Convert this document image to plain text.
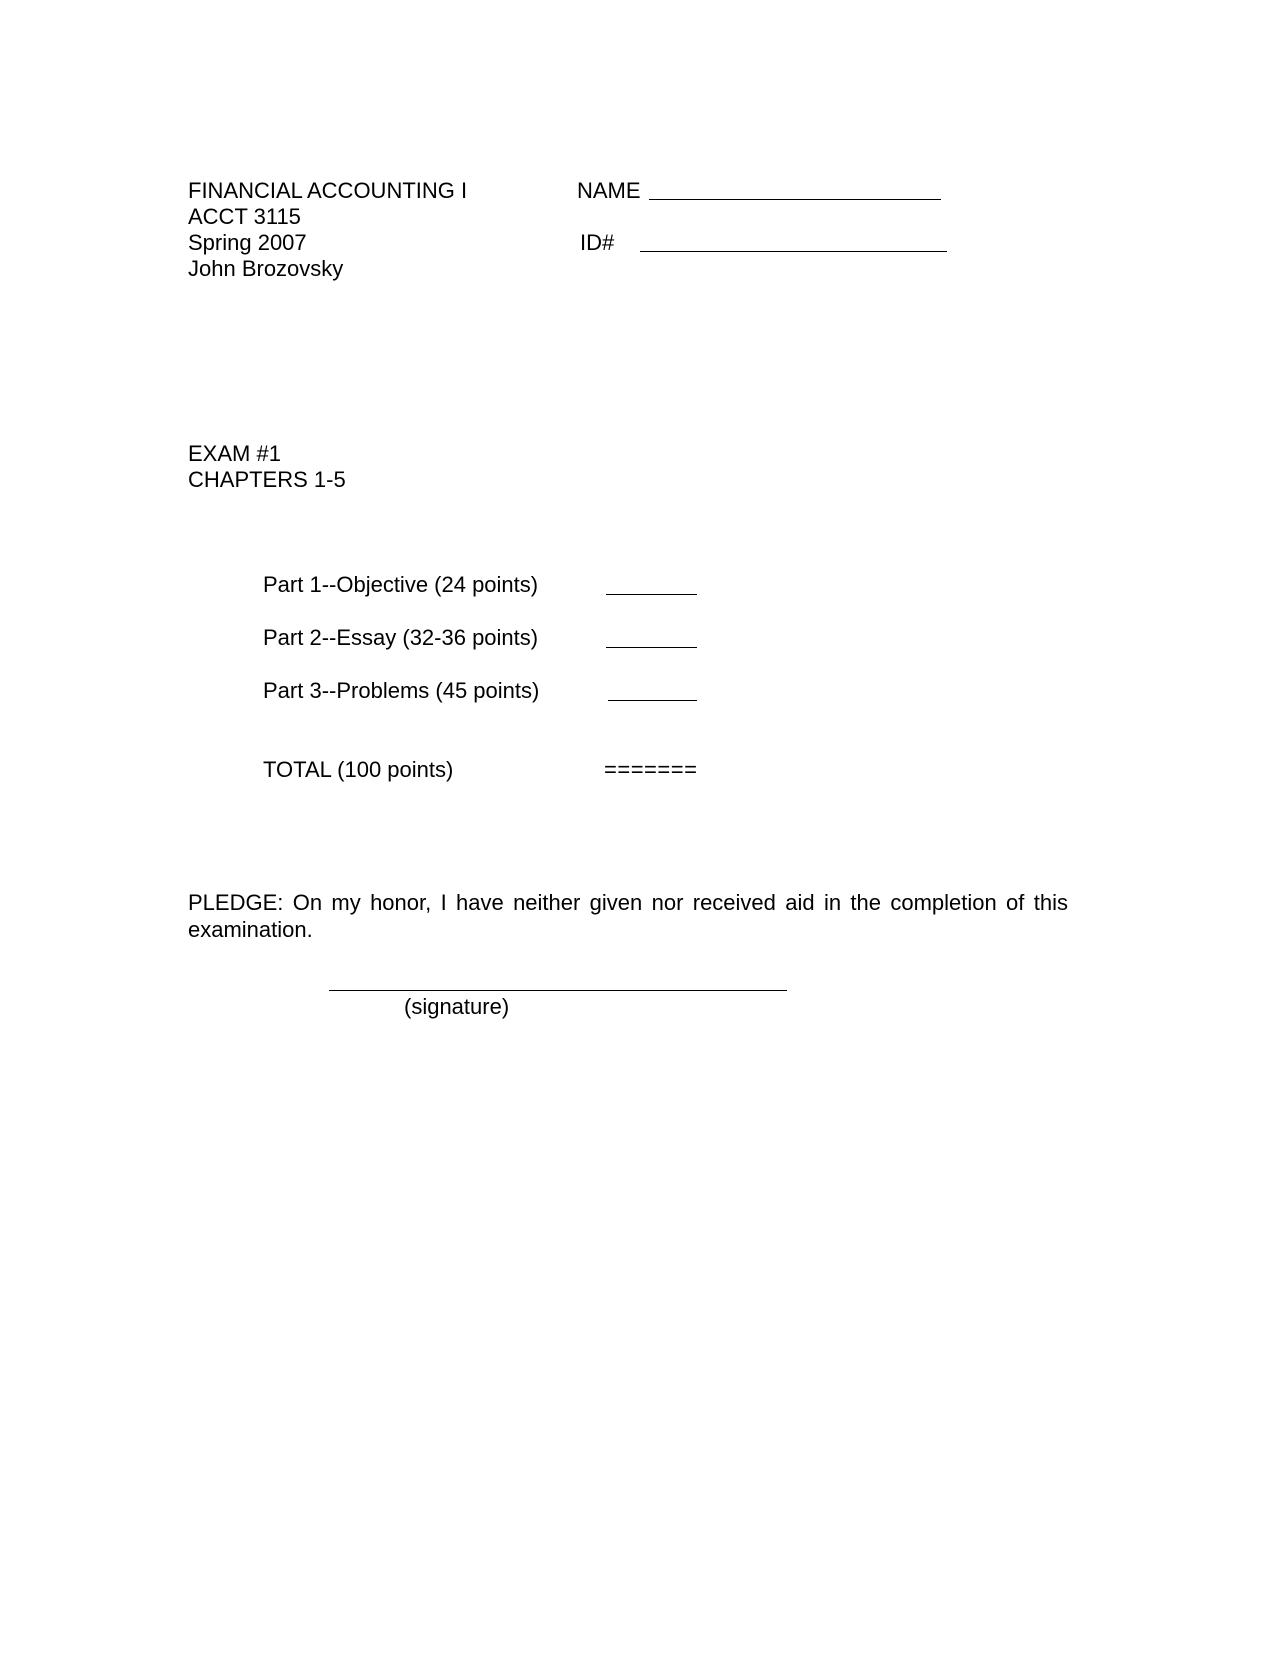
FINANCIAL ACCOUNTING I
ACCT 3115
Spring 2007
John Brozovsky
NAME
ID#
EXAM #1
CHAPTERS 1-5
Part 1--Objective (24 points)
Part 2--Essay (32-36 points)
Part 3--Problems (45 points)
TOTAL (100 points)	=======
PLEDGE: On my honor, I have neither given nor received aid in the completion of this examination.
(signature)
